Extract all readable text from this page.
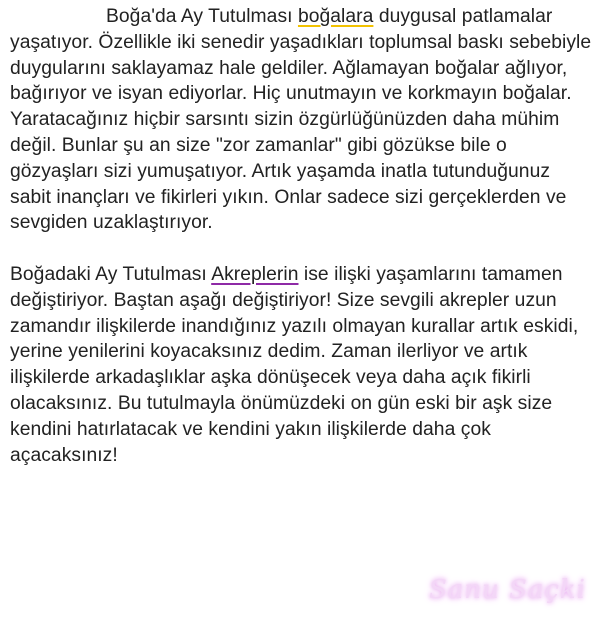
Boğa'da Ay Tutulması boğalara duygusal patlamalar yaşatıyor. Özellikle iki senedir yaşadıkları toplumsal baskı sebebiyle duygularını saklayamaz hale geldiler. Ağlamayan boğalar ağlıyor, bağırıyor ve isyan ediyorlar. Hiç unutmayın ve korkmayın boğalar. Yaratacağınız hiçbir sarsıntı sizin özgürlüğünüzden daha mühim değil. Bunlar şu an size "zor zamanlar" gibi gözükse bile o gözyaşları sizi yumuşatıyor. Artık yaşamda inatla tutunduğunuz sabit inançları ve fikirleri yıkın. Onlar sadece sizi gerçeklerden ve sevgiden uzaklaştırıyor.

Boğadaki Ay Tutulması Akreplerin ise ilişki yaşamlarını tamamen değiştiriyor. Baştan aşağı değiştiriyor! Size sevgili akrepler uzun zamandır ilişkilerde inandığınız yazılı olmayan kurallar artık eskidi, yerine yenilerini koyacaksınız dedim. Zaman ilerliyor ve artık ilişkilerde arkadaşlıklar aşka dönüşecek veya daha açık fikirli olacaksınız. Bu tutulmayla önümüzdeki on gün eski bir aşk size kendini hatırlatacak ve kendini yakın ilişkilerde daha çok açacaksınız!

Sanu Saçki
